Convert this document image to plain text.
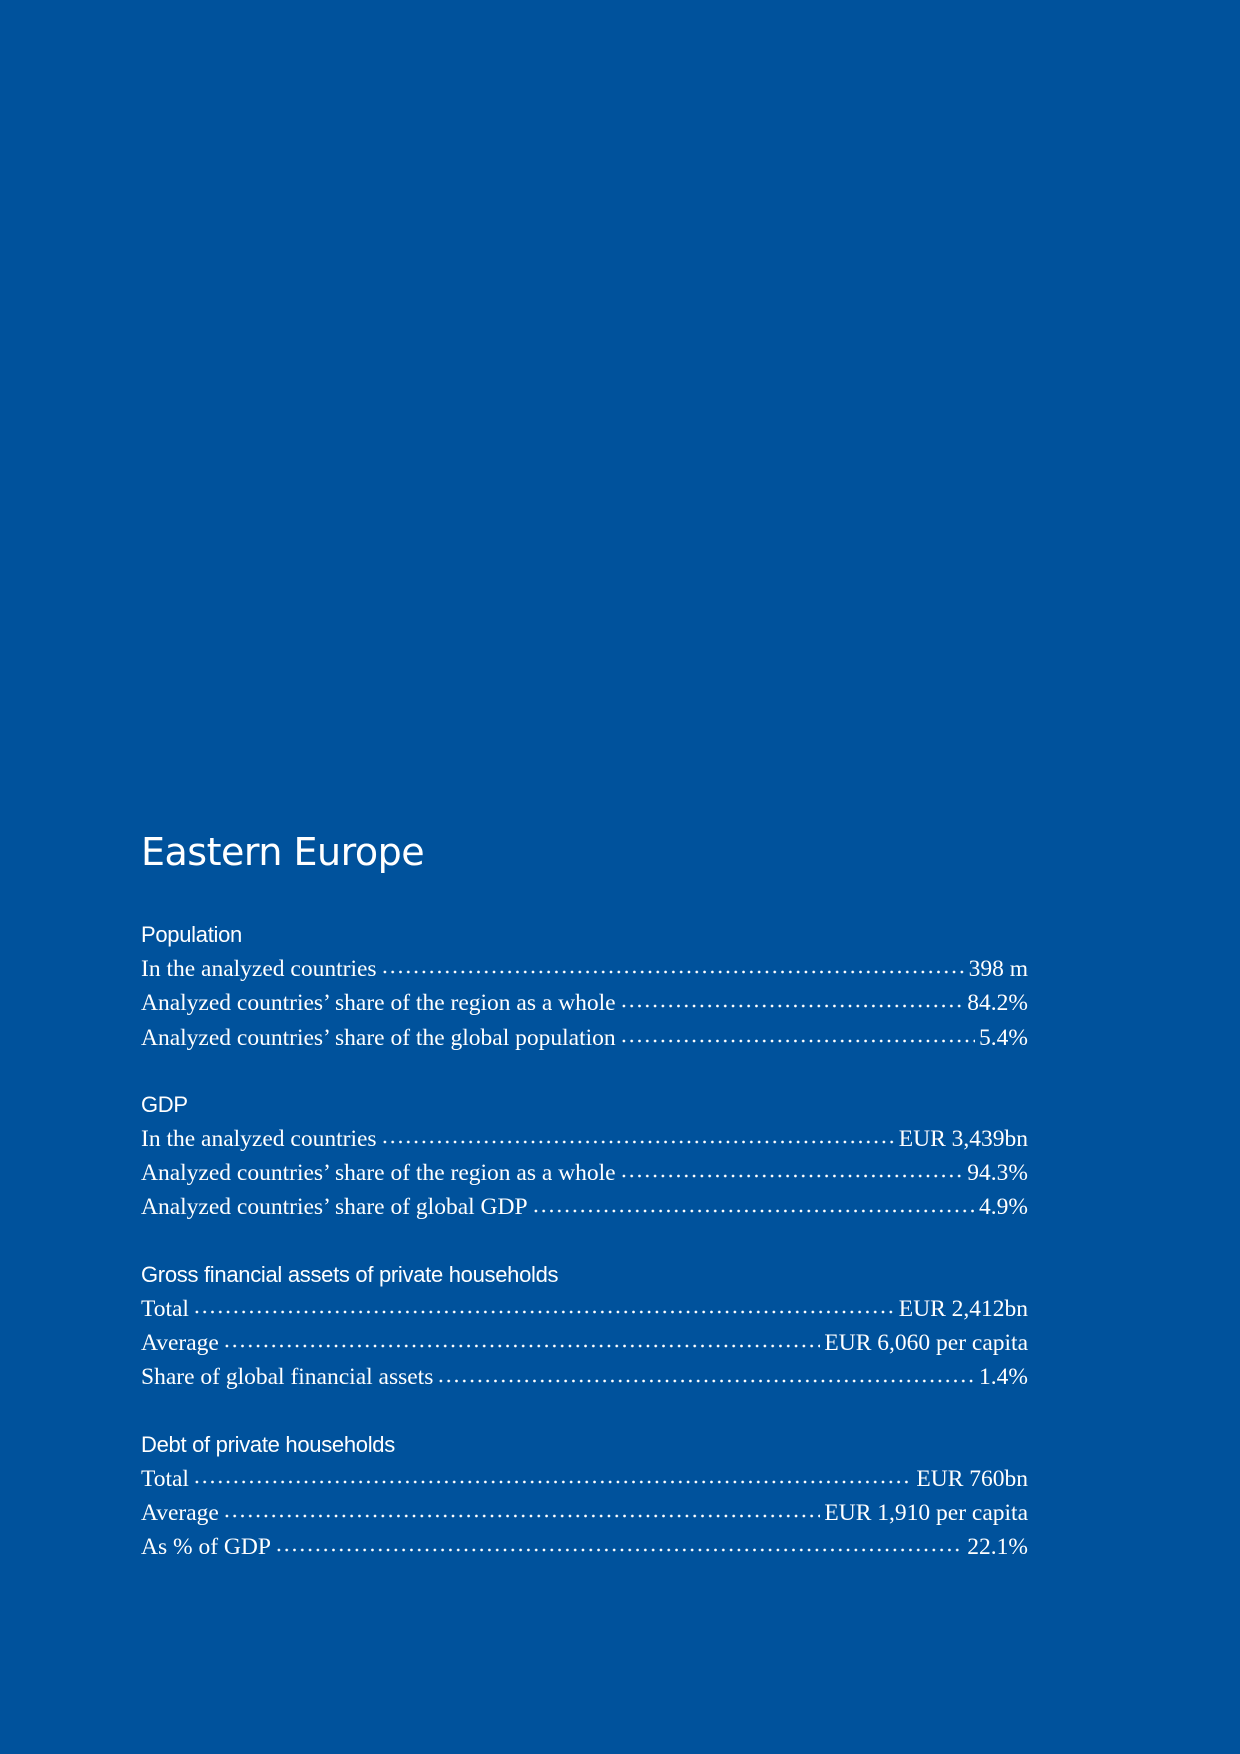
Eastern Europe
Population
In the analyzed countries	398 m
Analyzed countries’ share of the region as a whole	84.2%
Analyzed countries’ share of the global population	5.4%
GDP
In the analyzed countries	EUR 3,439bn
Analyzed countries’ share of the region as a whole	94.3%
Analyzed countries’ share of global GDP	4.9%
Gross financial assets of private households
Total	EUR 2,412bn
Average	EUR 6,060 per capita
Share of global financial assets	1.4%
Debt of private households
Total	EUR 760bn
Average	EUR 1,910 per capita
As % of GDP	22.1%
